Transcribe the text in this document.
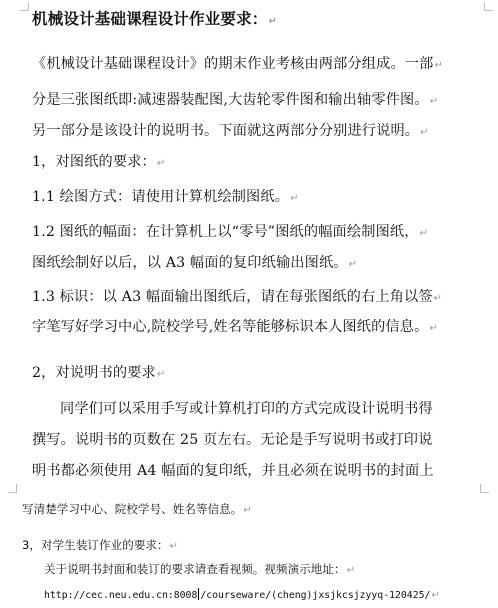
机械设计基础课程设计作业要求：↵
《机械设计基础课程设计》的期末作业考核由两部分组成。一部↵
分是三张图纸即:减速器装配图,大齿轮零件图和输出轴零件图。↵
另一部分是该设计的说明书。下面就这两部分分别进行说明。↵
1，对图纸的要求：↵
1.1 绘图方式：请使用计算机绘制图纸。↵
1.2 图纸的幅面：在计算机上以“零号”图纸的幅面绘制图纸，↵
图纸绘制好以后，以 A3 幅面的复印纸输出图纸。↵
1.3 标识：以 A3 幅面输出图纸后，请在每张图纸的右上角以签↵
字笔写好学习中心,院校学号,姓名等能够标识本人图纸的信息。↵
2，对说明书的要求↵
同学们可以采用手写或计算机打印的方式完成设计说明书得
撰写。说明书的页数在 25 页左右。无论是手写说明书或打印说
明书都必须使用 A4 幅面的复印纸，并且必须在说明书的封面上
写清楚学习中心、院校学号、姓名等信息。↵
3，对学生装订作业的要求：↵
关于说明书封面和装订的要求请查看视频。视频演示地址：↵
http://cec.neu.edu.cn:8008 /courseware/(cheng)jxsjkcsjzyyq-120425/↵
